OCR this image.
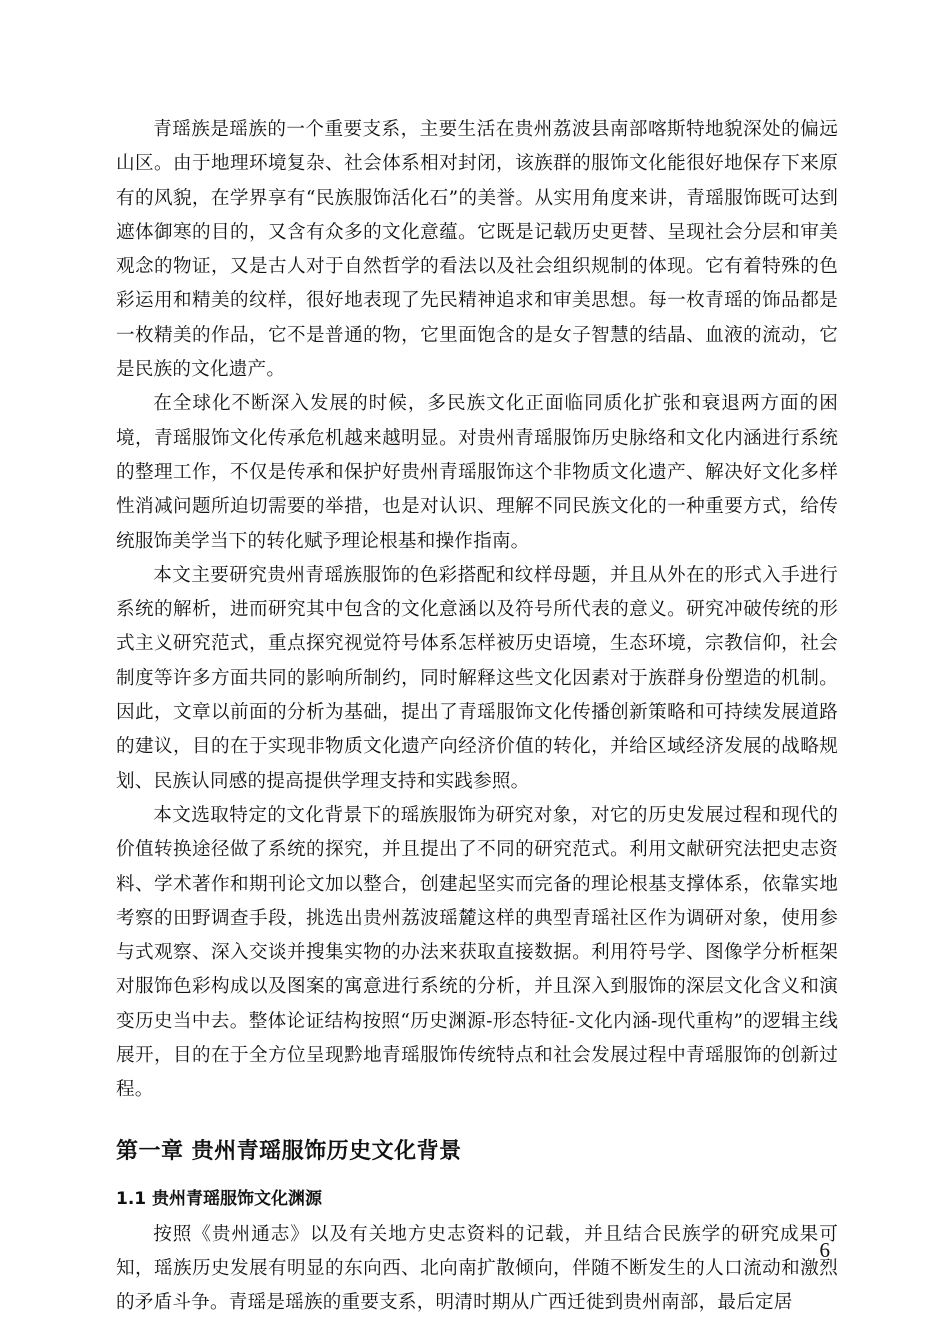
青瑶族是瑶族的一个重要支系，主要生活在贵州荔波县南部喀斯特地貌深处的偏远山区。由于地理环境复杂、社会体系相对封闭，该族群的服饰文化能很好地保存下来原有的风貌，在学界享有“民族服饰活化石”的美誉。从实用角度来讲，青瑶服饰既可达到遮体御寒的目的，又含有众多的文化意蕴。它既是记载历史更替、呈现社会分层和审美观念的物证，又是古人对于自然哲学的看法以及社会组织规制的体现。它有着特殊的色彩运用和精美的纹样，很好地表现了先民精神追求和审美思想。每一枚青瑶的饰品都是一枚精美的作品，它不是普通的物，它里面饱含的是女子智慧的结晶、血液的流动，它是民族的文化遗产。

在全球化不断深入发展的时候，多民族文化正面临同质化扩张和衰退两方面的困境，青瑶服饰文化传承危机越来越明显。对贵州青瑶服饰历史脉络和文化内涵进行系统的整理工作，不仅是传承和保护好贵州青瑶服饰这个非物质文化遗产、解决好文化多样性消减问题所迫切需要的举措，也是对认识、理解不同民族文化的一种重要方式，给传统服饰美学当下的转化赋予理论根基和操作指南。

本文主要研究贵州青瑶族服饰的色彩搭配和纹样母题，并且从外在的形式入手进行系统的解析，进而研究其中包含的文化意涵以及符号所代表的意义。研究冲破传统的形式主义研究范式，重点探究视觉符号体系怎样被历史语境，生态环境，宗教信仰，社会制度等许多方面共同的影响所制约，同时解释这些文化因素对于族群身份塑造的机制。因此，文章以前面的分析为基础，提出了青瑶服饰文化传播创新策略和可持续发展道路的建议，目的在于实现非物质文化遗产向经济价值的转化，并给区域经济发展的战略规划、民族认同感的提高提供学理支持和实践参照。

本文选取特定的文化背景下的瑶族服饰为研究对象，对它的历史发展过程和现代的价值转换途径做了系统的探究，并且提出了不同的研究范式。利用文献研究法把史志资料、学术著作和期刊论文加以整合，创建起坚实而完备的理论根基支撑体系，依靠实地考察的田野调查手段，挑选出贵州荔波瑶麓这样的典型青瑶社区作为调研对象，使用参与式观察、深入交谈并搜集实物的办法来获取直接数据。利用符号学、图像学分析框架对服饰色彩构成以及图案的寓意进行系统的分析，并且深入到服饰的深层文化含义和演变历史当中去。整体论证结构按照“历史渊源-形态特征-文化内涵-现代重构”的逻辑主线展开，目的在于全方位呈现黔地青瑶服饰传统特点和社会发展过程中青瑶服饰的创新过程。

第一章 贵州青瑶服饰历史文化背景
1.1 贵州青瑶服饰文化渊源

按照《贵州通志》以及有关地方史志资料的记载，并且结合民族学的研究成果可知，瑶族历史发展有明显的东向西、北向南扩散倾向，伴随不断发生的人口流动和激烈的矛盾斗争。青瑶是瑶族的重要支系，明清时期从广西迁徙到贵州南部，最后定居

6
